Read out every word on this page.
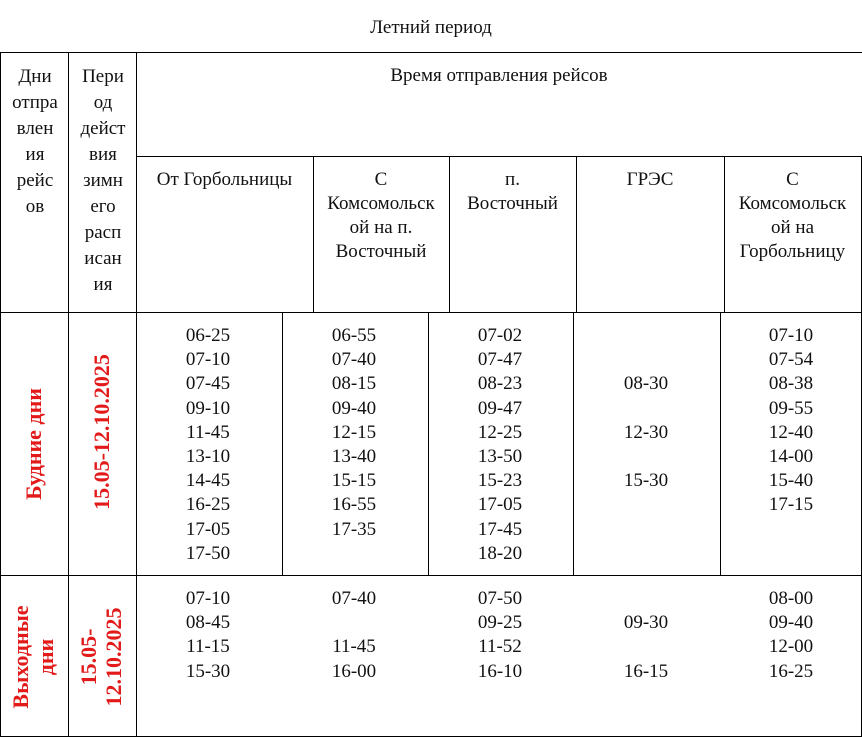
Летний период
Дни
отпра
влен
ия
рейс
ов
Пери
од
дейст
вия
зимн
его
расп
исан
ия
Время отправления рейсов
От Горбольницы	С
Комсомольск
ой на п.
Восточный
п.
Восточный
ГРЭС	С
Комсомольск
ой на
Горбольницу
Будние дни 15.05-12.10.2025
06-25
07-10
07-45
09-10
11-45
13-10
14-45
16-25
17-05
17-50
06-55
07-40
08-15
09-40
12-15
13-40
15-15
16-55
17-35
07-02
07-47
08-23
09-47
12-25
13-50
15-23
17-05
17-45
18-20

08-30

12-30

15-30
07-10
07-54
08-38
09-55
12-40
14-00
15-40
17-15
Выходные
дни 15.05-
12.10.2025
07-10
08-45
11-15
15-30
07-40

11-45
16-00
07-50
09-25
11-52
16-10

09-30

16-15
08-00
09-40
12-00
16-25
